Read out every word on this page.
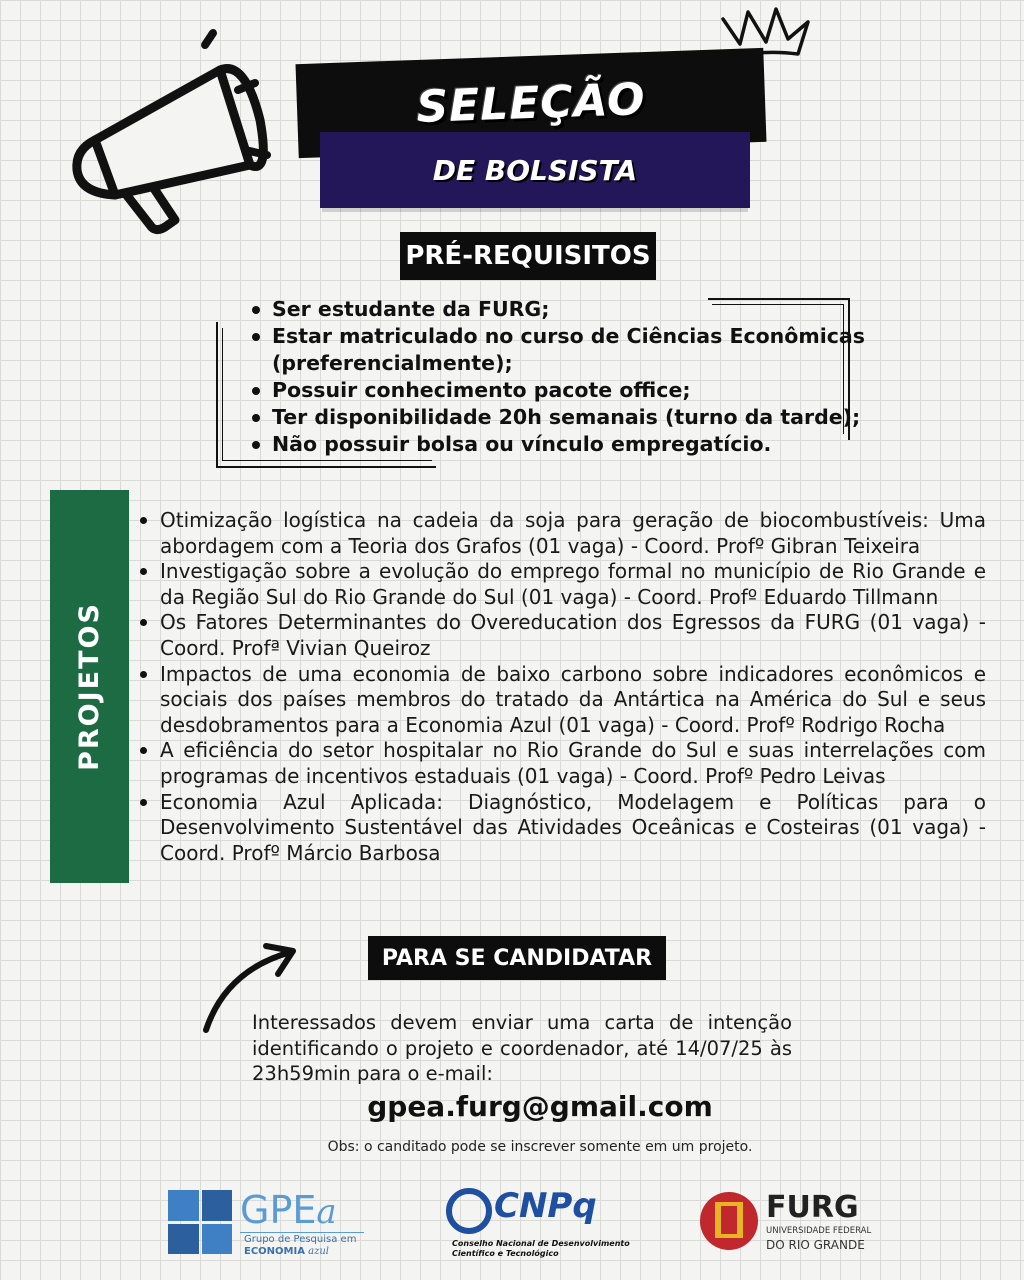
SELEÇÃO
DE BOLSISTA
PRÉ-REQUISITOS
Ser estudante da FURG;
Estar matriculado no curso de Ciências Econômicas (preferencialmente);
Possuir conhecimento pacote office;
Ter disponibilidade 20h semanais (turno da tarde);
Não possuir bolsa ou vínculo empregatício.
PROJETOS
Otimização logística na cadeia da soja para geração de biocombustíveis: Uma abordagem com a Teoria dos Grafos (01 vaga) - Coord. Profº Gibran Teixeira
Investigação sobre a evolução do emprego formal no município de Rio Grande e da Região Sul do Rio Grande do Sul (01 vaga) - Coord. Profº Eduardo Tillmann
Os Fatores Determinantes do Overeducation dos Egressos da FURG (01 vaga) - Coord. Profª Vivian Queiroz
Impactos de uma economia de baixo carbono sobre indicadores econômicos e sociais dos países membros do tratado da Antártica na América do Sul e seus desdobramentos para a Economia Azul (01 vaga) - Coord. Profº Rodrigo Rocha
A eficiência do setor hospitalar no Rio Grande do Sul e suas interrelações com programas de incentivos estaduais (01 vaga) - Coord. Profº Pedro Leivas
Economia Azul Aplicada: Diagnóstico, Modelagem e Políticas para o Desenvolvimento Sustentável das Atividades Oceânicas e Costeiras (01 vaga) - Coord. Profº Márcio Barbosa
PARA SE CANDIDATAR
Interessados devem enviar uma carta de intenção identificando o projeto e coordenador, até 14/07/25 às 23h59min para o e-mail:
gpea.furg@gmail.com
Obs: o canditado pode se inscrever somente em um projeto.
GPEa
Grupo de Pesquisa em
ECONOMIA azul
CNPq
Conselho Nacional de Desenvolvimento
Científico e Tecnológico
FURG
UNIVERSIDADE FEDERAL
DO RIO GRANDE
